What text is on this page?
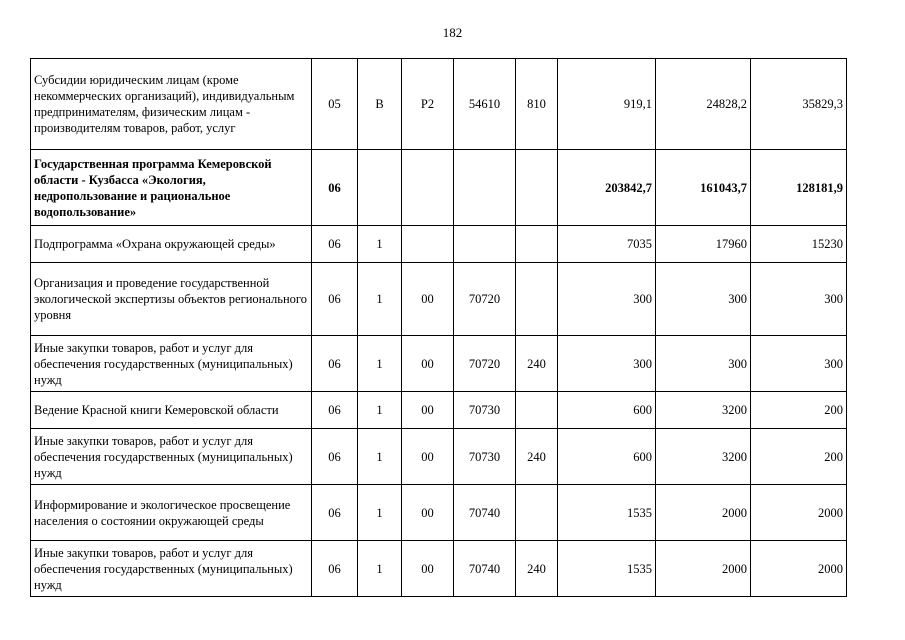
182
Субсидии юридическим лицам (кроме некоммерческих организаций), индивидуальным предпринимателям, физическим лицам - производителям товаров, работ, услуг	05	В	Р2	54610	810	919,1	24828,2	35829,3
Государственная программа Кемеровской области - Кузбасса «Экология, недропользование и рациональное водопользование»	06					203842,7	161043,7	128181,9
Подпрограмма «Охрана окружающей среды»	06	1				7035	17960	15230
Организация и проведение государственной экологической экспертизы объектов регионального уровня	06	1	00	70720		300	300	300
Иные закупки товаров, работ и услуг для обеспечения государственных (муниципальных) нужд	06	1	00	70720	240	300	300	300
Ведение Красной книги Кемеровской области	06	1	00	70730		600	3200	200
Иные закупки товаров, работ и услуг для обеспечения государственных (муниципальных) нужд	06	1	00	70730	240	600	3200	200
Информирование и экологическое просвещение населения о состоянии окружающей среды	06	1	00	70740		1535	2000	2000
Иные закупки товаров, работ и услуг для обеспечения государственных (муниципальных) нужд	06	1	00	70740	240	1535	2000	2000
